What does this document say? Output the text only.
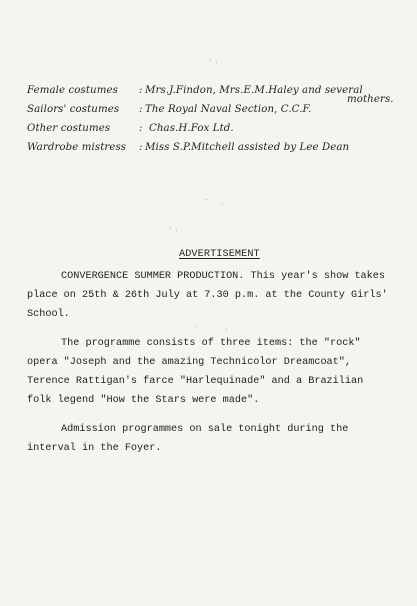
Female costumes	: Mrs.J.Findon, Mrs.E.M.Haley and several
mothers.
Sailors' costumes	: The Royal Naval Section, C.C.F.
Other costumes	: Chas.H.Fox Ltd.
Wardrobe mistress	: Miss S.P.Mitchell assisted by Lee Dean
ADVERTISEMENT
CONVERGENCE SUMMER PRODUCTION. This year's show takes
place on 25th & 26th July at 7.30 p.m. at the County Girls'
School.
The programme consists of three items: the "rock"
opera "Joseph and the amazing Technicolor Dreamcoat",
Terence Rattigan's farce "Harlequinade" and a Brazilian
folk legend "How the Stars were made".
Admission programmes on sale tonight during the
interval in the Foyer.
